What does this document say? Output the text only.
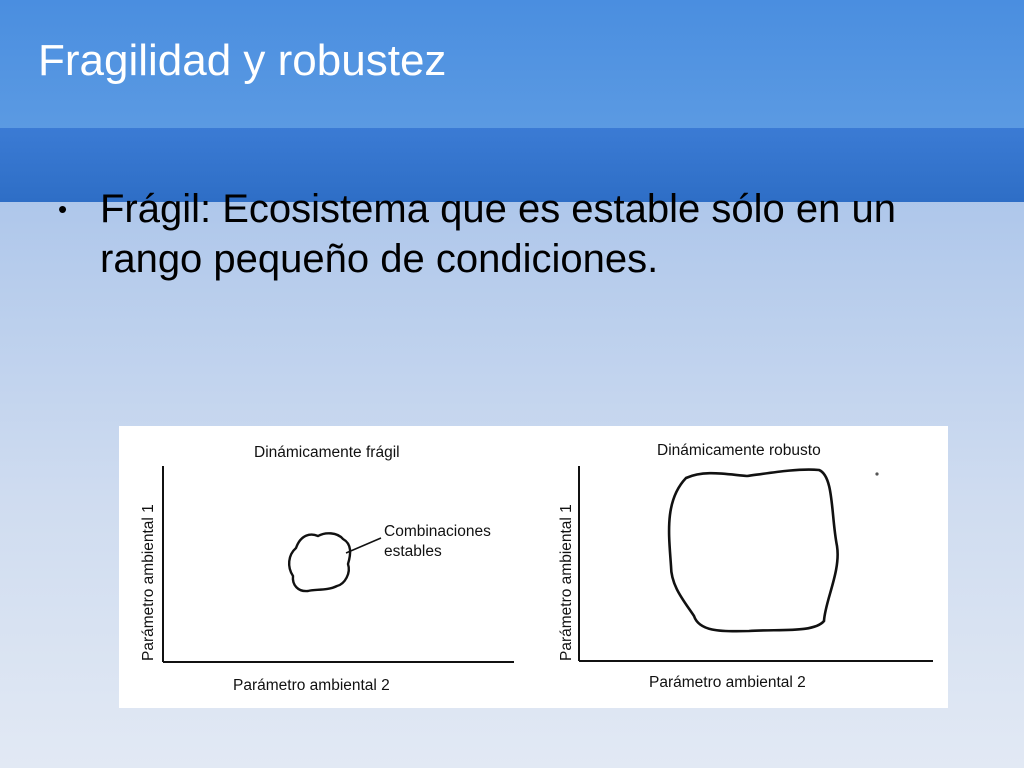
Fragilidad y robustez
• Frágil: Ecosistema que es estable sólo en un rango pequeño de condiciones.
Dinámicamente frágil
Parámetro ambiental 1
Parámetro ambiental 2
Combinaciones
estables
Dinámicamente robusto
Parámetro ambiental 1
Parámetro ambiental 2
